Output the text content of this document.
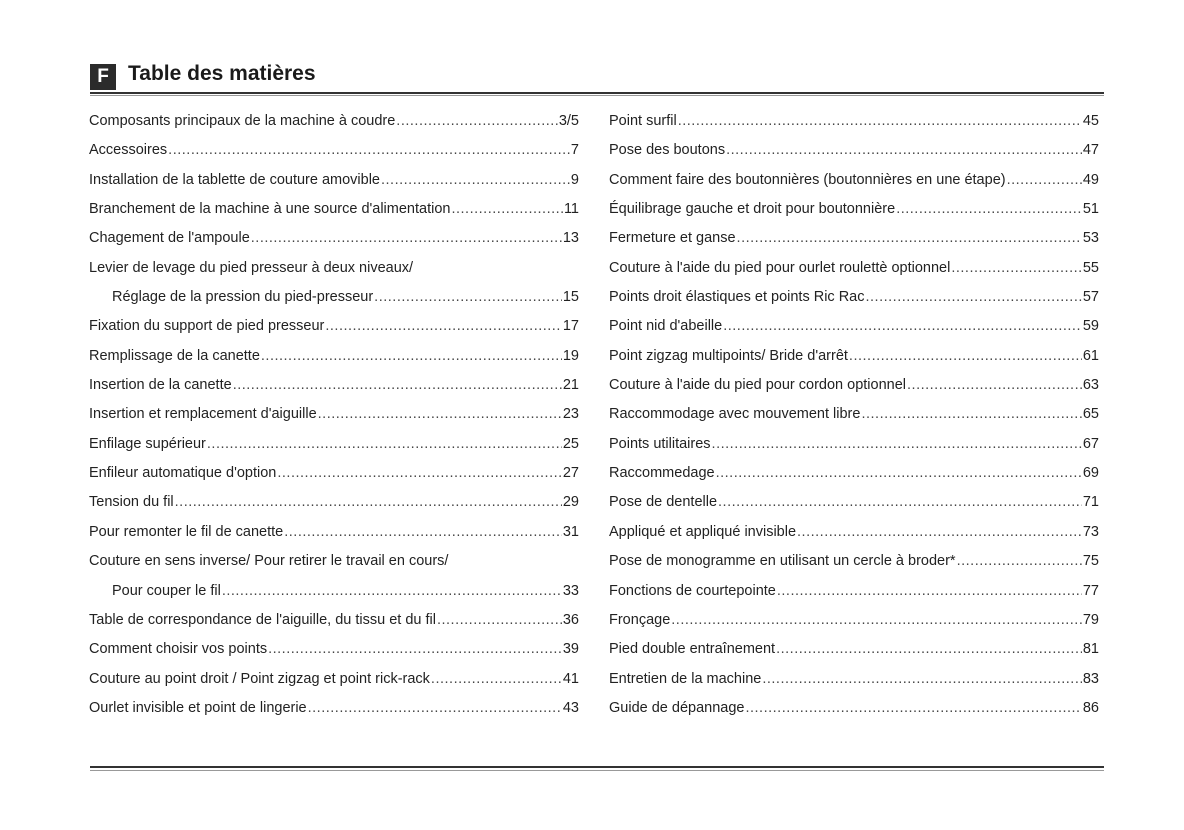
F Table des matières
Composants principaux de la machine à coudre .....	3/5
Accessoires .....	7
Installation de la tablette de couture amovible .....	9
Branchement de la machine à une source d'alimentation .....	11
Chagement de l'ampoule .....	13
Levier de levage du pied presseur à deux niveaux/
Réglage de la pression du pied-presseur .....	15
Fixation du support de pied presseur .....	17
Remplissage de la canette .....	19
Insertion de la canette .....	21
Insertion et remplacement d'aiguille .....	23
Enfilage supérieur .....	25
Enfileur automatique d'option .....	27
Tension du fil .....	29
Pour remonter le fil de canette .....	31
Couture en sens inverse/ Pour retirer le travail en cours/
Pour couper le fil .....	33
Table de correspondance de l'aiguille, du tissu et du fil .....	36
Comment choisir vos points .....	39
Couture au point droit / Point zigzag et point rick-rack .....	41
Ourlet invisible et point de lingerie .....	43
Point surfil .....	45
Pose des boutons .....	47
Comment faire des boutonnières (boutonnières en une étape) .....	49
Équilibrage gauche et droit pour boutonnière .....	51
Fermeture et ganse .....	53
Couture à l'aide du pied pour ourlet roulettè optionnel .....	55
Points droit élastiques et points Ric Rac .....	57
Point nid d'abeille .....	59
Point zigzag multipoints/ Bride d'arrêt .....	61
Couture à l'aide du pied pour cordon optionnel .....	63
Raccommodage avec mouvement libre .....	65
Points utilitaires .....	67
Raccommedage .....	69
Pose de dentelle .....	71
Appliqué et appliqué invisible .....	73
Pose de monogramme en utilisant un cercle à broder* .....	75
Fonctions de courtepointe .....	77
Fronçage .....	79
Pied double entraînement .....	81
Entretien de la machine .....	83
Guide de dépannage .....	86
